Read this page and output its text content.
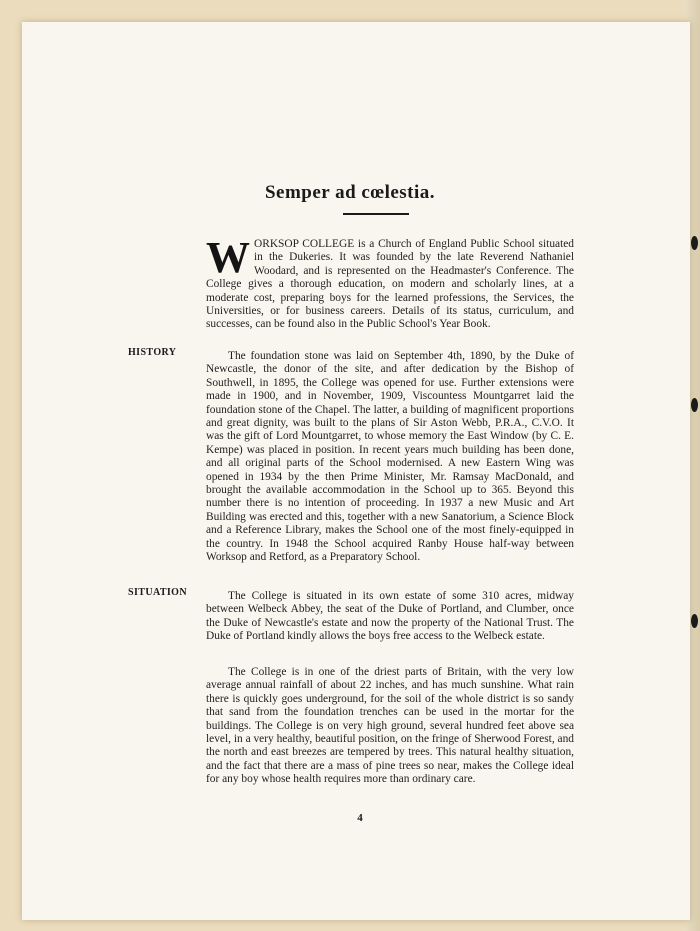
Semper ad cœlestia.

WORKSOP COLLEGE is a Church of England Public School situated in the Dukeries. It was founded by the late Reverend Nathaniel Woodard, and is represented on the Headmaster's Conference. The College gives a thorough education, on modern and scholarly lines, at a moderate cost, preparing boys for the learned professions, the Services, the Universities, or for business careers. Details of its status, curriculum, and successes, can be found also in the Public School's Year Book.

HISTORY	The foundation stone was laid on September 4th, 1890, by the Duke of Newcastle, the donor of the site, and after dedication by the Bishop of Southwell, in 1895, the College was opened for use. Further extensions were made in 1900, and in November, 1909, Viscountess Mountgarret laid the foundation stone of the Chapel. The latter, a building of magnificent proportions and great dignity, was built to the plans of Sir Aston Webb, P.R.A., C.V.O. It was the gift of Lord Mountgarret, to whose memory the East Window (by C. E. Kempe) was placed in position. In recent years much building has been done, and all original parts of the School modernised. A new Eastern Wing was opened in 1934 by the then Prime Minister, Mr. Ramsay MacDonald, and brought the available accommodation in the School up to 365. Beyond this number there is no intention of proceeding. In 1937 a new Music and Art Building was erected and this, together with a new Sanatorium, a Science Block and a Reference Library, makes the School one of the most finely-equipped in the country. In 1948 the School acquired Ranby House half-way between Worksop and Retford, as a Preparatory School.

SITUATION	The College is situated in its own estate of some 310 acres, midway between Welbeck Abbey, the seat of the Duke of Portland, and Clumber, once the Duke of Newcastle's estate and now the property of the National Trust. The Duke of Portland kindly allows the boys free access to the Welbeck estate.

The College is in one of the driest parts of Britain, with the very low average annual rainfall of about 22 inches, and has much sunshine. What rain there is quickly goes underground, for the soil of the whole district is so sandy that sand from the foundation trenches can be used in the mortar for the buildings. The College is on very high ground, several hundred feet above sea level, in a very healthy, beautiful position, on the fringe of Sherwood Forest, and the north and east breezes are tempered by trees. This natural healthy situation, and the fact that there are a mass of pine trees so near, makes the College ideal for any boy whose health requires more than ordinary care.

4
